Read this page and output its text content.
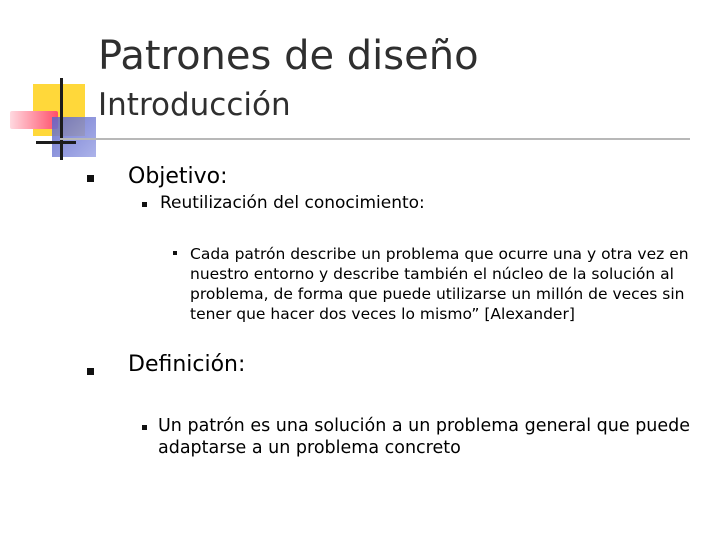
Patrones de diseño
Introducción
Objetivo:
Reutilización del conocimiento:
Cada patrón describe un problema que ocurre una y otra vez en nuestro entorno y describe también el núcleo de la solución al problema, de forma que puede utilizarse un millón de veces sin tener que hacer dos veces lo mismo” [Alexander]
Definición:
Un patrón es una solución a un problema general que puede adaptarse a un problema concreto
